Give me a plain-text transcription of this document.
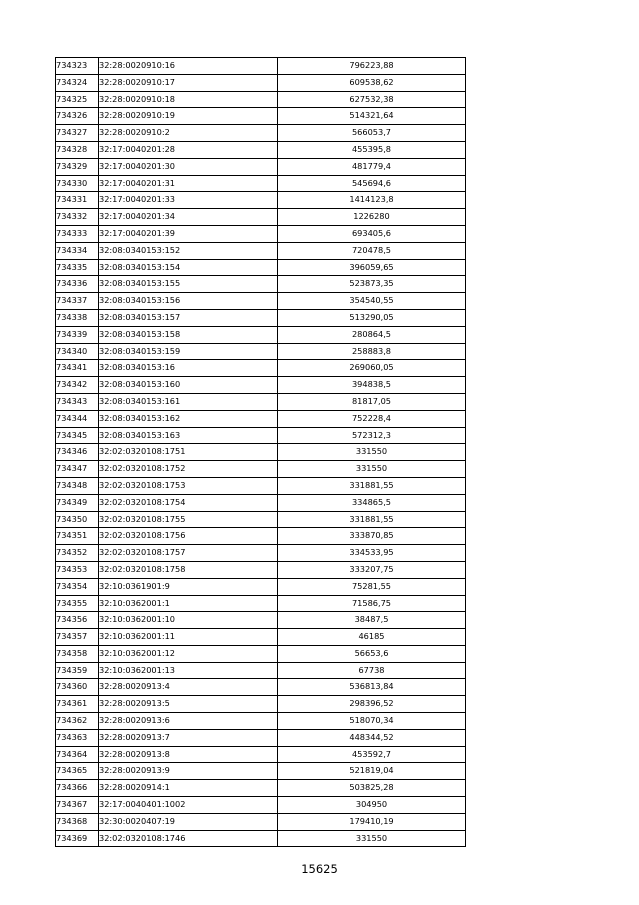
734323	32:28:0020910:16	796223,88
734324	32:28:0020910:17	609538,62
734325	32:28:0020910:18	627532,38
734326	32:28:0020910:19	514321,64
734327	32:28:0020910:2	566053,7
734328	32:17:0040201:28	455395,8
734329	32:17:0040201:30	481779,4
734330	32:17:0040201:31	545694,6
734331	32:17:0040201:33	1414123,8
734332	32:17:0040201:34	1226280
734333	32:17:0040201:39	693405,6
734334	32:08:0340153:152	720478,5
734335	32:08:0340153:154	396059,65
734336	32:08:0340153:155	523873,35
734337	32:08:0340153:156	354540,55
734338	32:08:0340153:157	513290,05
734339	32:08:0340153:158	280864,5
734340	32:08:0340153:159	258883,8
734341	32:08:0340153:16	269060,05
734342	32:08:0340153:160	394838,5
734343	32:08:0340153:161	81817,05
734344	32:08:0340153:162	752228,4
734345	32:08:0340153:163	572312,3
734346	32:02:0320108:1751	331550
734347	32:02:0320108:1752	331550
734348	32:02:0320108:1753	331881,55
734349	32:02:0320108:1754	334865,5
734350	32:02:0320108:1755	331881,55
734351	32:02:0320108:1756	333870,85
734352	32:02:0320108:1757	334533,95
734353	32:02:0320108:1758	333207,75
734354	32:10:0361901:9	75281,55
734355	32:10:0362001:1	71586,75
734356	32:10:0362001:10	38487,5
734357	32:10:0362001:11	46185
734358	32:10:0362001:12	56653,6
734359	32:10:0362001:13	67738
734360	32:28:0020913:4	536813,84
734361	32:28:0020913:5	298396,52
734362	32:28:0020913:6	518070,34
734363	32:28:0020913:7	448344,52
734364	32:28:0020913:8	453592,7
734365	32:28:0020913:9	521819,04
734366	32:28:0020914:1	503825,28
734367	32:17:0040401:1002	304950
734368	32:30:0020407:19	179410,19
734369	32:02:0320108:1746	331550
15625
